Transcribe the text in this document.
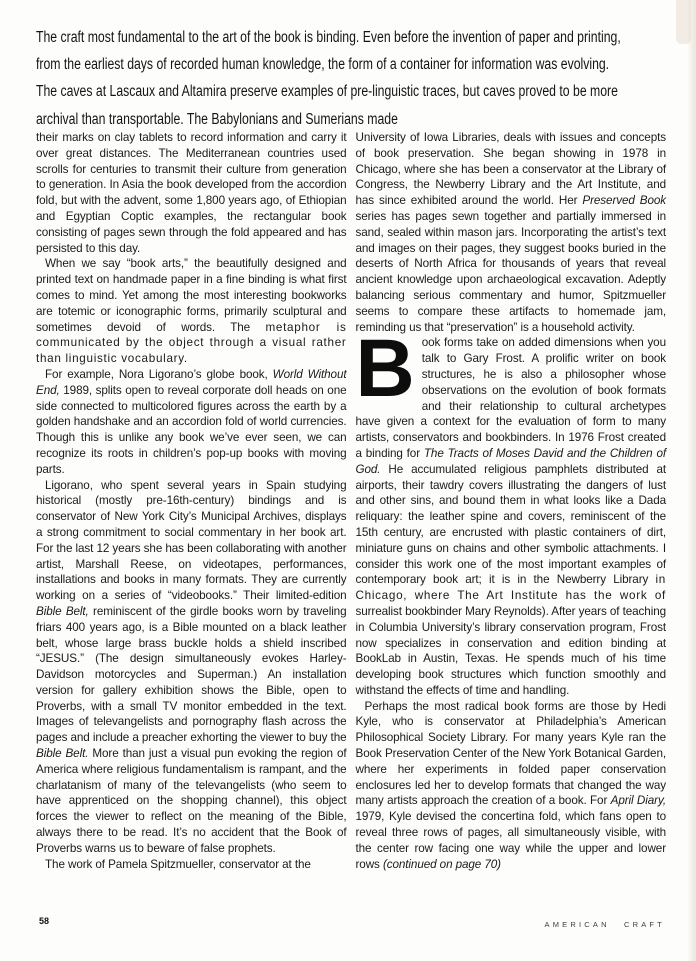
The craft most fundamental to the art of the book is binding. Even before the invention of paper and printing, from the earliest days of recorded human knowledge, the form of a container for information was evolving. The caves at Lascaux and Altamira preserve examples of pre-linguistic traces, but caves proved to be more archival than transportable. The Babylonians and Sumerians made

their marks on clay tablets to record information and carry it over great distances. The Mediterranean countries used scrolls for centuries to transmit their culture from generation to generation. In Asia the book developed from the accordion fold, but with the advent, some 1,800 years ago, of Ethiopian and Egyptian Coptic examples, the rectangular book consisting of pages sewn through the fold appeared and has persisted to this day.

When we say “book arts,” the beautifully designed and printed text on handmade paper in a fine binding is what first comes to mind. Yet among the most interesting bookworks are totemic or iconographic forms, primarily sculptural and sometimes devoid of words. The metaphor is communicated by the object through a visual rather than linguistic vocabulary.

For example, Nora Ligorano’s globe book, World Without End, 1989, splits open to reveal corporate doll heads on one side connected to multicolored figures across the earth by a golden handshake and an accordion fold of world currencies. Though this is unlike any book we’ve ever seen, we can recognize its roots in children’s pop-up books with moving parts.

Ligorano, who spent several years in Spain studying historical (mostly pre-16th-century) bindings and is conservator of New York City’s Municipal Archives, displays a strong commitment to social commentary in her book art. For the last 12 years she has been collaborating with another artist, Marshall Reese, on videotapes, performances, installations and books in many formats. They are currently working on a series of “videobooks.” Their limited-edition Bible Belt, reminiscent of the girdle books worn by traveling friars 400 years ago, is a Bible mounted on a black leather belt, whose large brass buckle holds a shield inscribed “JESUS.” (The design simultaneously evokes Harley-Davidson motorcycles and Superman.) An installation version for gallery exhibition shows the Bible, open to Proverbs, with a small TV monitor embedded in the text. Images of televangelists and pornography flash across the pages and include a preacher exhorting the viewer to buy the Bible Belt. More than just a visual pun evoking the region of America where religious fundamentalism is rampant, and the charlatanism of many of the televangelists (who seem to have apprenticed on the shopping channel), this object forces the viewer to reflect on the meaning of the Bible, always there to be read. It’s no accident that the Book of Proverbs warns us to beware of false prophets.

The work of Pamela Spitzmueller, conservator at the

University of Iowa Libraries, deals with issues and concepts of book preservation. She began showing in 1978 in Chicago, where she has been a conservator at the Library of Congress, the Newberry Library and the Art Institute, and has since exhibited around the world. Her Preserved Book series has pages sewn together and partially immersed in sand, sealed within mason jars. Incorporating the artist’s text and images on their pages, they suggest books buried in the deserts of North Africa for thousands of years that reveal ancient knowledge upon archaeological excavation. Adeptly balancing serious commentary and humor, Spitzmueller seems to compare these artifacts to homemade jam, reminding us that “preservation” is a household activity.

Book forms take on added dimensions when you talk to Gary Frost. A prolific writer on book structures, he is also a philosopher whose observations on the evolution of book formats and their relationship to cultural archetypes have given a context for the evaluation of form to many artists, conservators and bookbinders. In 1976 Frost created a binding for The Tracts of Moses David and the Children of God. He accumulated religious pamphlets distributed at airports, their tawdry covers illustrating the dangers of lust and other sins, and bound them in what looks like a Dada reliquary: the leather spine and covers, reminiscent of the 15th century, are encrusted with plastic containers of dirt, miniature guns on chains and other symbolic attachments. I consider this work one of the most important examples of contemporary book art; it is in the Newberry Library in Chicago, where The Art Institute has the work of surrealist bookbinder Mary Reynolds). After years of teaching in Columbia University’s library conservation program, Frost now specializes in conservation and edition binding at BookLab in Austin, Texas. He spends much of his time developing book structures which function smoothly and withstand the effects of time and handling.

Perhaps the most radical book forms are those by Hedi Kyle, who is conservator at Philadelphia’s American Philosophical Society Library. For many years Kyle ran the Book Preservation Center of the New York Botanical Garden, where her experiments in folded paper conservation enclosures led her to develop formats that changed the way many artists approach the creation of a book. For April Diary, 1979, Kyle devised the concertina fold, which fans open to reveal three rows of pages, all simultaneously visible, with the center row facing one way while the upper and lower rows (continued on page 70)

58	AMERICAN CRAFT
